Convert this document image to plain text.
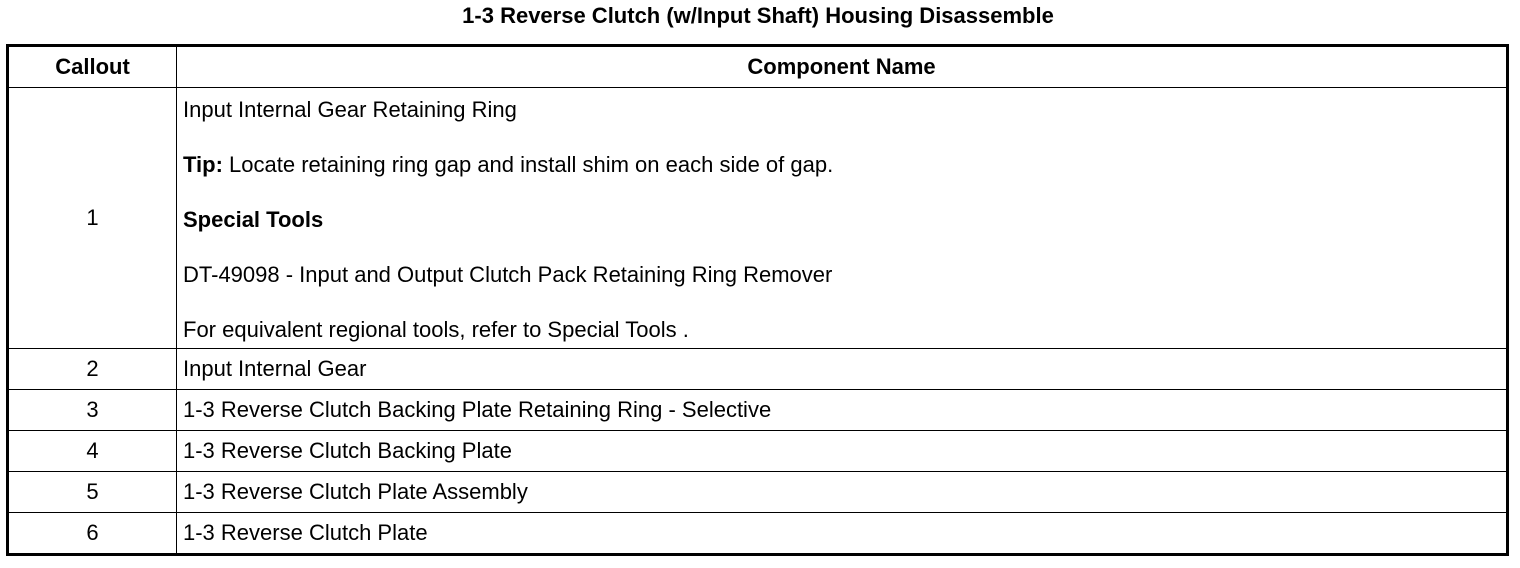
1-3 Reverse Clutch (w/Input Shaft) Housing Disassemble
Callout	Component Name
1	Input Internal Gear Retaining Ring

Tip: Locate retaining ring gap and install shim on each side of gap.

Special Tools

DT-49098 - Input and Output Clutch Pack Retaining Ring Remover

For equivalent regional tools, refer to Special Tools .

2	Input Internal Gear
3	1-3 Reverse Clutch Backing Plate Retaining Ring - Selective
4	1-3 Reverse Clutch Backing Plate
5	1-3 Reverse Clutch Plate Assembly
6	1-3 Reverse Clutch Plate
